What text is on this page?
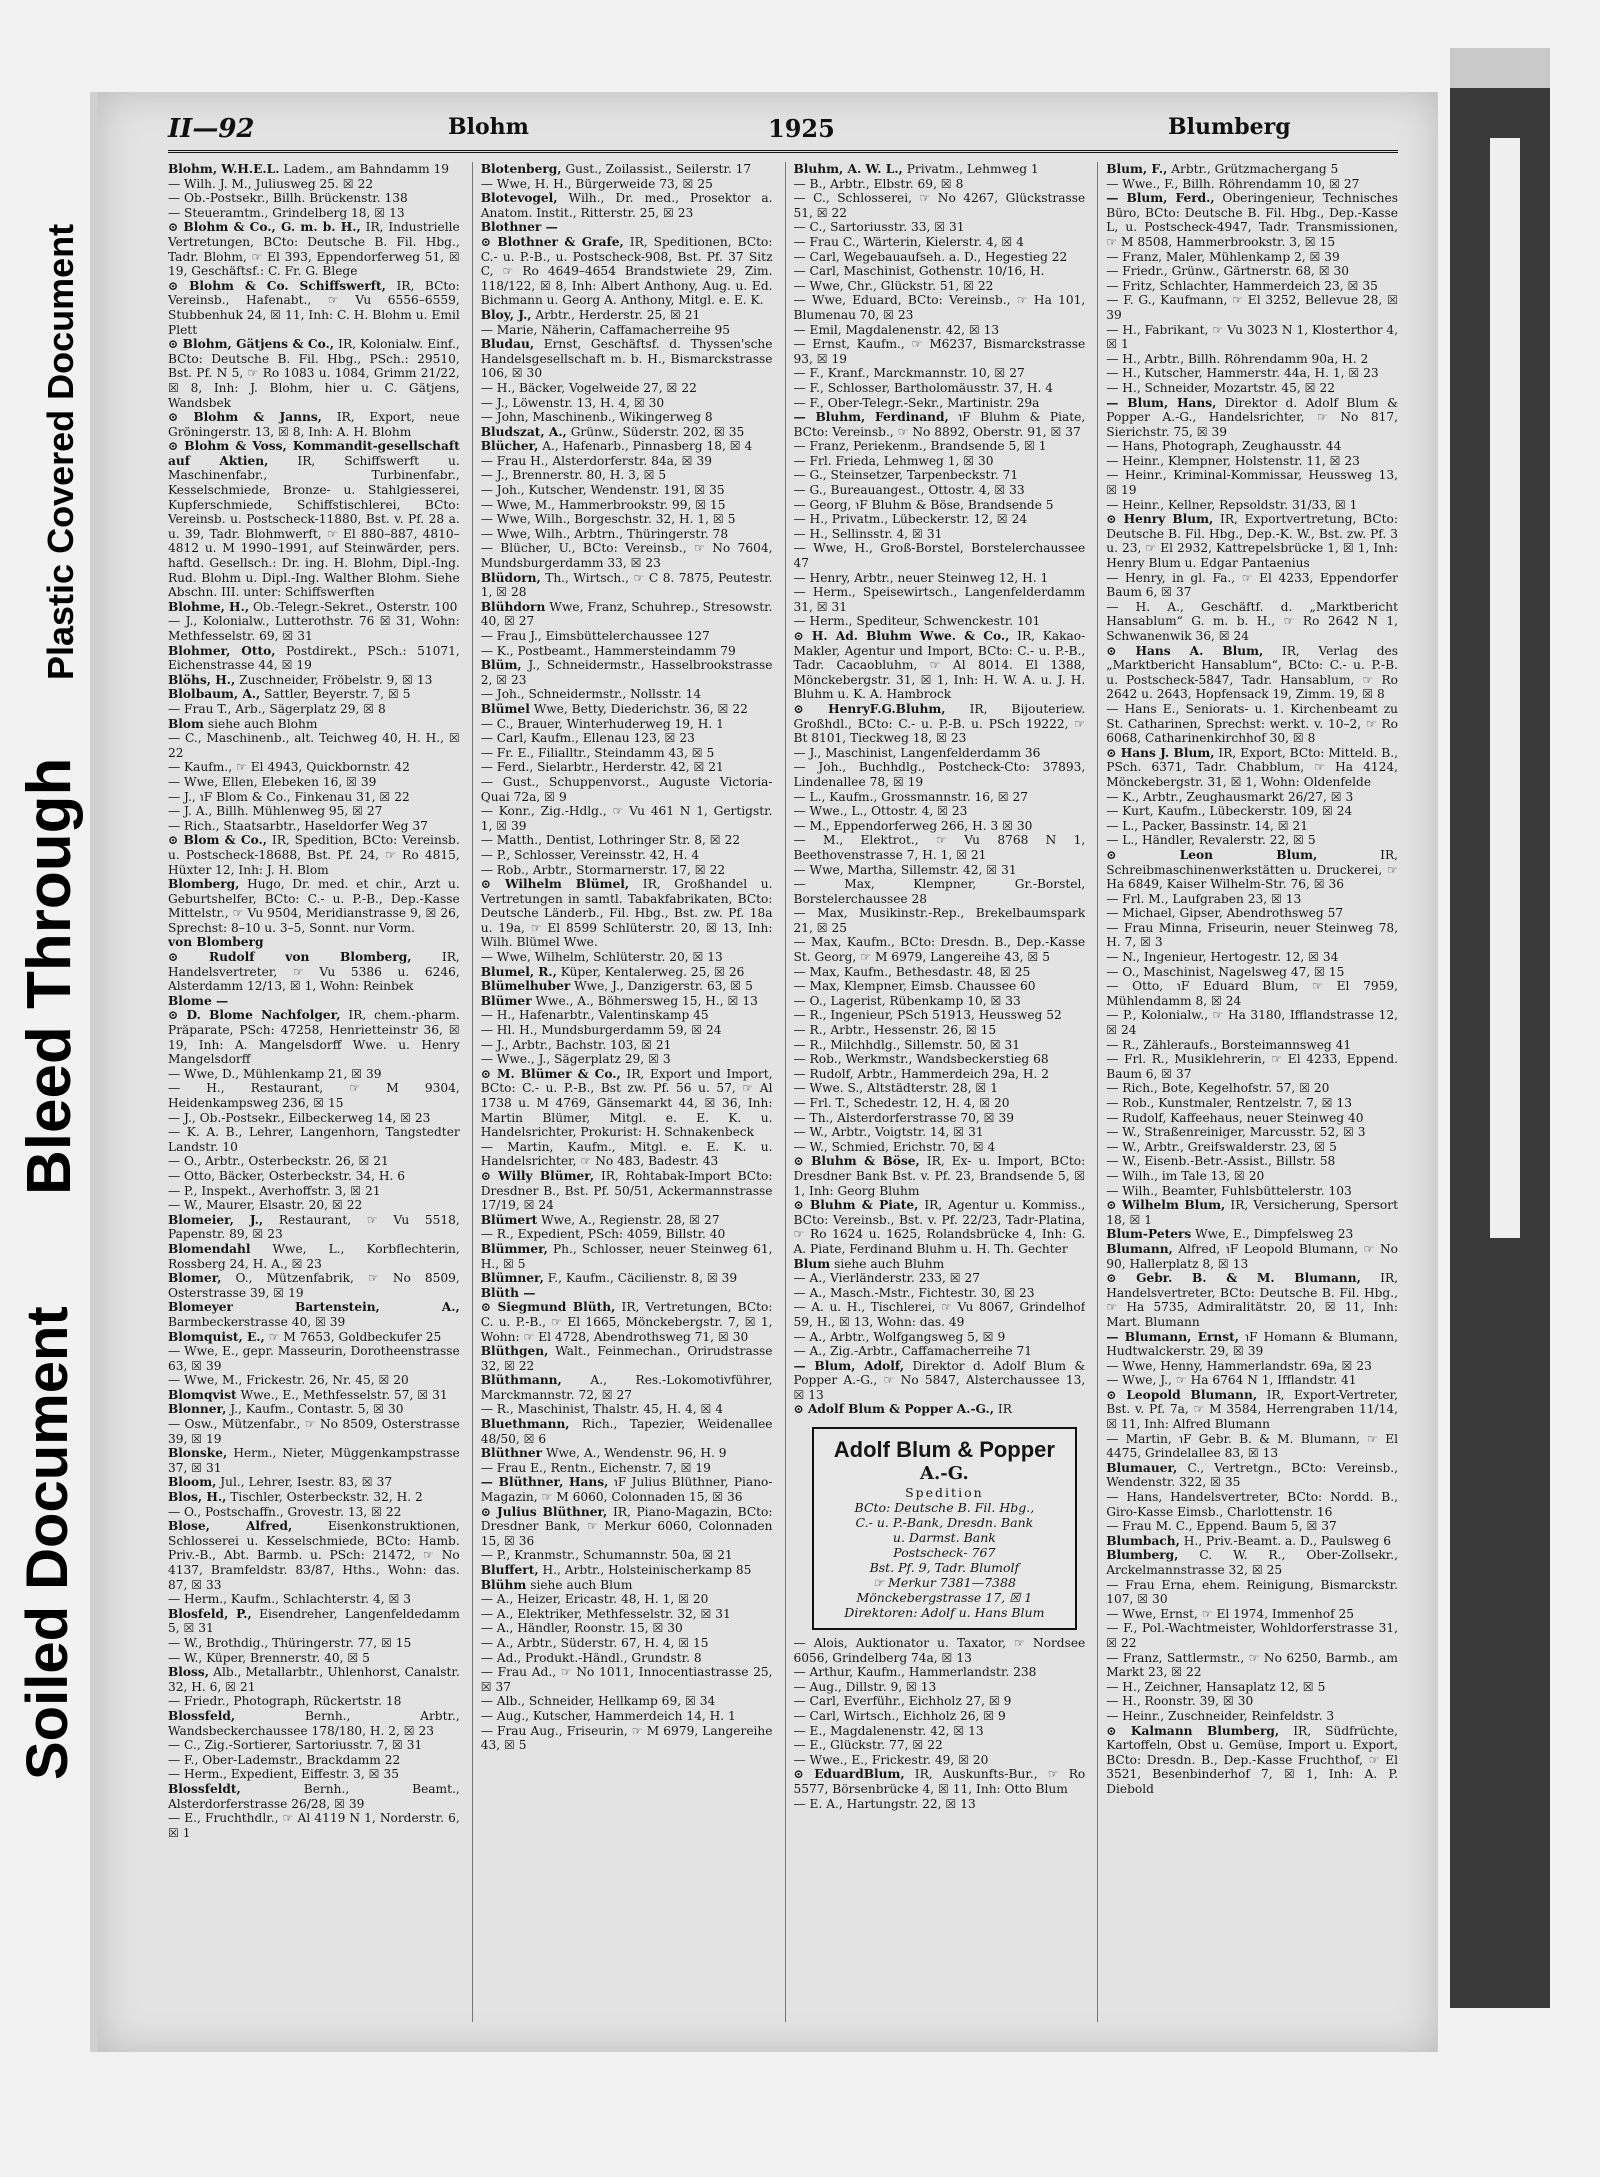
Soiled Document
Bleed Through
Plastic Covered Document
II—92	Blohm	1925	Blumberg

Blohm, W.H.E.L. Ladem., am Bahndamm 19

— Wilh. J. M., Juliusweg 25. ☒ 22

— Ob.-Postsekr., Billh. Brückenstr. 138

— Steueramtm., Grindelberg 18, ☒ 13

⊙ Blohm & Co., G. m. b. H., IR, Industrielle Vertretungen, BCto: Deutsche B. Fil. Hbg., Tadr. Blohm, ☞ El 393, Eppendorferweg 51, ☒ 19, Geschäftsf.: C. Fr. G. Blege

⊙ Blohm & Co. Schiffswerft, IR, BCto: Vereinsb., Hafenabt., ☞ Vu 6556–6559, Stubbenhuk 24, ☒ 11, Inh: C. H. Blohm u. Emil Plett

⊙ Blohm, Gätjens & Co., IR, Kolonialw. Einf., BCto: Deutsche B. Fil. Hbg., PSch.: 29510, Bst. Pf. N 5, ☞ Ro 1083 u. 1084, Grimm 21/22, ☒ 8, Inh: J. Blohm, hier u. C. Gätjens, Wandsbek

⊙ Blohm & Janns, IR, Export, neue Gröningerstr. 13, ☒ 8, Inh: A. H. Blohm

⊙ Blohm & Voss, Kommandit-gesellschaft auf Aktien, IR, Schiffswerft u. Maschinenfabr., Turbinenfabr., Kesselschmiede, Bronze- u. Stahlgiesserei, Kupferschmiede, Schiffstischlerei, BCto: Vereinsb. u. Postscheck-11880, Bst. v. Pf. 28 a. u. 39, Tadr. Blohmwerft, ☞ El 880–887, 4810–4812 u. M 1990–1991, auf Steinwärder, pers. haftd. Gesellsch.: Dr. ing. H. Blohm, Dipl.-Ing. Rud. Blohm u. Dipl.-Ing. Walther Blohm. Siehe Abschn. III. unter: Schiffswerften

Blohme, H., Ob.-Telegr.-Sekret., Osterstr. 100

— J., Kolonialw., Lutterothstr. 76 ☒ 31, Wohn: Methfesselstr. 69, ☒ 31

Blohmer, Otto, Postdirekt., PSch.: 51071, Eichenstrasse 44, ☒ 19

Blöhs, H., Zuschneider, Fröbelstr. 9, ☒ 13

Blolbaum, A., Sattler, Beyerstr. 7, ☒ 5

— Frau T., Arb., Sägerplatz 29, ☒ 8

Blom siehe auch Blohm

— C., Maschinenb., alt. Teichweg 40, H. H., ☒ 22

— Kaufm., ☞ El 4943, Quickbornstr. 42

— Wwe, Ellen, Elebeken 16, ☒ 39

— J., ℩F Blom & Co., Finkenau 31, ☒ 22

— J. A., Billh. Mühlenweg 95, ☒ 27

— Rich., Staatsarbtr., Haseldorfer Weg 37

⊙ Blom & Co., IR, Spedition, BCto: Vereinsb. u. Postscheck-18688, Bst. Pf. 24, ☞ Ro 4815, Hüxter 12, Inh: J. H. Blom

Blomberg, Hugo, Dr. med. et chir., Arzt u. Geburtshelfer, BCto: C.- u. P.-B., Dep.-Kasse Mittelstr., ☞ Vu 9504, Meridianstrasse 9, ☒ 26, Sprechst: 8–10 u. 3–5, Sonnt. nur Vorm.

von Blomberg

⊙ Rudolf von Blomberg, IR, Handelsvertreter, ☞ Vu 5386 u. 6246, Alsterdamm 12/13, ☒ 1, Wohn: Reinbek

Blome —

⊙ D. Blome Nachfolger, IR, chem.-pharm. Präparate, PSch: 47258, Henrietteinstr 36, ☒ 19, Inh: A. Mangelsdorff Wwe. u. Henry Mangelsdorff

— Wwe, D., Mühlenkamp 21, ☒ 39

— H., Restaurant, ☞ M 9304, Heidenkampsweg 236, ☒ 15

— J., Ob.-Postsekr., Eilbeckerweg 14, ☒ 23

— K. A. B., Lehrer, Langenhorn, Tangstedter Landstr. 10

— O., Arbtr., Osterbeckstr. 26, ☒ 21

— Otto, Bäcker, Osterbeckstr. 34, H. 6

— P., Inspekt., Averhoffstr. 3, ☒ 21

— W., Maurer, Elsastr. 20, ☒ 22

Blomeier, J., Restaurant, ☞ Vu 5518, Papenstr. 89, ☒ 23

Blomendahl Wwe, L., Korbflechterin, Rossberg 24, H. A., ☒ 23

Blomer, O., Mützenfabrik, ☞ No 8509, Osterstrasse 39, ☒ 19

Blomeyer Bartenstein, A., Barmbeckerstrasse 40, ☒ 39

Blomquist, E., ☞ M 7653, Goldbeckufer 25

— Wwe, E., gepr. Masseurin, Dorotheenstrasse 63, ☒ 39

— Wwe, M., Frickestr. 26, Nr. 45, ☒ 20

Blomqvist Wwe., E., Methfesselstr. 57, ☒ 31

Blonner, J., Kaufm., Contastr. 5, ☒ 30

— Osw., Mützenfabr., ☞ No 8509, Osterstrasse 39, ☒ 19

Blonske, Herm., Nieter, Müggenkampstrasse 37, ☒ 31

Bloom, Jul., Lehrer, Isestr. 83, ☒ 37

Blos, H., Tischler, Osterbeckstr. 32, H. 2

— O., Postschaffn., Grovestr. 13, ☒ 22

Blose, Alfred,	Eisenkonstruktionen, Schlosserei u. Kesselschmiede, BCto: Hamb. Priv.-B., Abt. Barmb. u. PSch: 21472, ☞ No 4137, Bramfeldstr. 83/87, Hths., Wohn: das. 87, ☒ 33

— Herm., Kaufm., Schlachterstr. 4, ☒ 3

Blosfeld, P., Eisendreher, Langenfeldedamm 5, ☒ 31

— W., Brothdig., Thüringerstr. 77, ☒ 15

— W., Küper, Brennerstr. 40, ☒ 5

Bloss, Alb., Metallarbtr., Uhlenhorst, Canalstr. 32, H. 6, ☒ 21

— Friedr., Photograph, Rückertstr. 18

Blossfeld,	Bernh., Arbtr., Wandsbeckerchaussee 178/180, H. 2, ☒ 23

— C., Zig.-Sortierer, Sartoriusstr. 7, ☒ 31

— F., Ober-Lademstr., Brackdamm 22

— Herm., Expedient, Eiffestr. 3, ☒ 35

Blossfeldt,	Bernh., Beamt., Alsterdorferstrasse 26/28, ☒ 39

— E., Fruchthdlr., ☞ Al 4119 N 1, Norderstr. 6, ☒ 1

Blotenberg, Gust., Zoilassist., Seilerstr. 17

— Wwe, H. H., Bürgerweide 73, ☒ 25

Blotevogel, Wilh., Dr. med., Prosektor a. Anatom. Instit., Ritterstr. 25, ☒ 23

Blothner —

⊙ Blothner & Grafe, IR, Speditionen, BCto: C.- u. P.-B., u. Postscheck-908, Bst. Pf. 37 Sitz C, ☞ Ro 4649–4654 Brandstwiete 29, Zim. 118/122, ☒ 8, Inh: Albert Anthony, Aug. u. Ed. Bichmann u. Georg A. Anthony, Mitgl. e. E. K.

Bloy, J., Arbtr., Herderstr. 25, ☒ 21

— Marie, Näherin, Caffamacherreihe 95

Bludau, Ernst, Geschäftsf. d. Thyssen'sche Handelsgesellschaft m. b. H., Bismarckstrasse 106, ☒ 30

— H., Bäcker, Vogelweide 27, ☒ 22

— J., Löwenstr. 13, H. 4, ☒ 30

— John, Maschinenb., Wikingerweg 8

Bludszat, A., Grünw., Süderstr. 202, ☒ 35

Blücher, A., Hafenarb., Pinnasberg 18, ☒ 4

— Frau H., Alsterdorferstr. 84a, ☒ 39

— J., Brennerstr. 80, H. 3, ☒ 5

— Joh., Kutscher, Wendenstr. 191, ☒ 35

— Wwe, M., Hammerbrookstr. 99, ☒ 15

— Wwe, Wilh., Borgeschstr. 32, H. 1, ☒ 5

— Wwe, Wilh., Arbtrn., Thüringerstr. 78

— Blücher, U., BCto: Vereinsb., ☞ No 7604, Mundsburgerdamm 33, ☒ 23

Blüdorn, Th., Wirtsch., ☞ C 8. 7875, Peutestr. 1, ☒ 28

Blühdorn Wwe, Franz, Schuhrep., Stresowstr. 40, ☒ 27

— Frau J., Eimsbüttelerchaussee 127

— K., Postbeamt., Hammersteindamm 79

Blüm, J., Schneidermstr., Hasselbrookstrasse 2, ☒ 23

— Joh., Schneidermstr., Nollsstr. 14

Blümel Wwe, Betty, Diederichstr. 36, ☒ 22

— C., Brauer, Winterhuderweg 19, H. 1

— Carl, Kaufm., Ellenau 123, ☒ 23

— Fr. E., Filialltr., Steindamm 43, ☒ 5

— Ferd., Sielarbtr., Herderstr. 42, ☒ 21

— Gust., Schuppenvorst., Auguste Victoria-Quai 72a, ☒ 9

— Konr., Zig.-Hdlg., ☞ Vu 461 N 1, Gertigstr. 1, ☒ 39

— Matth., Dentist, Lothringer Str. 8, ☒ 22

— P., Schlosser, Vereinsstr. 42, H. 4

— Rob., Arbtr., Stormarnerstr. 17, ☒ 22

⊙ Wilhelm Blümel, IR, Großhandel u. Vertretungen in samtl. Tabakfabrikaten, BCto: Deutsche Länderb., Fil. Hbg., Bst. zw. Pf. 18a u. 19a, ☞ El 8599 Schlüterstr. 20, ☒ 13, Inh: Wilh. Blümel Wwe.

— Wwe, Wilhelm, Schlüterstr. 20, ☒ 13

Blumel, R., Küper, Kentalerweg. 25, ☒ 26

Blümelhuber Wwe, J., Danzigerstr. 63, ☒ 5

Blümer Wwe., A., Böhmersweg 15, H., ☒ 13

— H., Hafenarbtr., Valentinskamp 45

— Hl. H., Mundsburgerdamm 59, ☒ 24

— J., Arbtr., Bachstr. 103, ☒ 21

— Wwe., J., Sägerplatz 29, ☒ 3

⊙ M. Blümer & Co., IR, Export und Import, BCto: C.- u. P.-B., Bst zw. Pf. 56 u. 57, ☞ Al 1738 u. M 4769, Gänsemarkt 44, ☒ 36, Inh: Martin Blümer, Mitgl. e. E. K. u. Handelsrichter, Prokurist: H. Schnakenbeck

— Martin, Kaufm., Mitgl. e. E. K. u. Handelsrichter, ☞ No 483, Badestr. 43

⊙ Willy Blümer, IR, Rohtabak-Import BCto: Dresdner B., Bst. Pf. 50/51, Ackermannstrasse 17/19, ☒ 24

Blümert Wwe, A., Regienstr. 28, ☒ 27

— R., Expedient, PSch: 4059, Billstr. 40

Blümmer, Ph., Schlosser, neuer Steinweg 61, H., ☒ 5

Blümner, F., Kaufm., Cäcilienstr. 8, ☒ 39

Blüth —

⊙ Siegmund Blüth, IR, Vertretungen, BCto: C. u. P.-B., ☞ El 1665, Mönckebergstr. 7, ☒ 1, Wohn: ☞ El 4728, Abendrothsweg 71, ☒ 30

Blüthgen, Walt., Feinmechan., Orirudstrasse 32, ☒ 22

Blüthmann, A., Res.-Lokomotivführer, Marckmannstr. 72, ☒ 27

— R., Maschinist, Thalstr. 45, H. 4, ☒ 4

Bluethmann, Rich., Tapezier, Weidenallee 48/50, ☒ 6

Blüthner Wwe, A., Wendenstr. 96, H. 9

— Frau E., Rentn., Eichenstr. 7, ☒ 19

— Blüthner, Hans, ℩F Julius Blüthner, Piano-Magazin, ☞ M 6060, Colonnaden 15, ☒ 36

⊙ Julius Blüthner, IR, Piano-Magazin, BCto: Dresdner Bank, ☞ Merkur 6060, Colonnaden 15, ☒ 36

— P., Kranmstr., Schumannstr. 50a, ☒ 21

Bluffert, H., Arbtr., Holsteinischerkamp 85

Blühm siehe auch Blum

— A., Heizer, Ericastr. 48, H. 1, ☒ 20

— A., Elektriker, Methfesselstr. 32, ☒ 31

— A., Händler, Roonstr. 15, ☒ 30

— A., Arbtr., Süderstr. 67, H. 4, ☒ 15

— Ad., Produkt.-Händl., Grundstr. 8

— Frau Ad., ☞ No 1011, Innocentiastrasse 25, ☒ 37

— Alb., Schneider, Hellkamp 69, ☒ 34

— Aug., Kutscher, Hammerdeich 14, H. 1

— Frau Aug., Friseurin, ☞ M 6979, Langereihe 43, ☒ 5

Bluhm, A. W. L., Privatm., Lehmweg 1

— B., Arbtr., Elbstr. 69, ☒ 8

— C., Schlosserei, ☞ No 4267, Glückstrasse 51, ☒ 22

— C., Sartoriusstr. 33, ☒ 31

— Frau C., Wärterin, Kielerstr. 4, ☒ 4

— Carl, Wegebauaufseh. a. D., Hegestieg 22

— Carl, Maschinist, Gothenstr. 10/16, H.

— Wwe, Chr., Glückstr. 51, ☒ 22

— Wwe, Eduard, BCto: Vereinsb., ☞ Ha 101, Blumenau 70, ☒ 23

— Emil, Magdalenenstr. 42, ☒ 13

— Ernst, Kaufm., ☞ M6237, Bismarckstrasse 93, ☒ 19

— F., Kranf., Marckmannstr. 10, ☒ 27

— F., Schlosser, Bartholomäusstr. 37, H. 4

— F., Ober-Telegr.-Sekr., Martinistr. 29a

— Bluhm, Ferdinand, ℩F Bluhm & Piate, BCto: Vereinsb., ☞ No 8892, Oberstr. 91, ☒ 37

— Franz, Periekenm., Brandsende 5, ☒ 1

— Frl. Frieda, Lehmweg 1, ☒ 30

— G., Steinsetzer, Tarpenbeckstr. 71

— G., Bureauangest., Ottostr. 4, ☒ 33

— Georg, ℩F Bluhm & Böse, Brandsende 5

— H., Privatm., Lübeckerstr. 12, ☒ 24

— H., Sellinsstr. 4, ☒ 31

— Wwe, H., Groß-Borstel, Borstelerchaussee 47

— Henry, Arbtr., neuer Steinweg 12, H. 1

— Herm., Speisewirtsch., Langenfelderdamm 31, ☒ 31

— Herm., Spediteur, Schwenckestr. 101

⊙ H. Ad. Bluhm Wwe. & Co., IR, Kakao-Makler, Agentur und Import, BCto: C.- u. P.-B., Tadr. Cacaobluhm, ☞ Al 8014. El 1388, Mönckebergstr. 31, ☒ 1, Inh: H. W. A. u. J. H. Bluhm u. K. A. Hambrock

⊙ HenryF.G.Bluhm, IR, Bijouteriew. Großhdl., BCto: C.- u. P.-B. u. PSch 19222, ☞ Bt 8101, Tieckweg 18, ☒ 23

— J., Maschinist, Langenfelderdamm 36

— Joh., Buchhdlg., Postcheck-Cto: 37893, Lindenallee 78, ☒ 19

— L., Kaufm., Grossmannstr. 16, ☒ 27

— Wwe., L., Ottostr. 4, ☒ 23

— M., Eppendorferweg 266, H. 3 ☒ 30

— M., Elektrot., ☞ Vu 8768 N 1, Beethovenstrasse 7, H. 1, ☒ 21

— Wwe, Martha, Sillemstr. 42, ☒ 31

— Max, Klempner, Gr.-Borstel, Borstelerchaussee 28

— Max, Musikinstr.-Rep., Brekelbaumspark 21, ☒ 25

— Max, Kaufm., BCto: Dresdn. B., Dep.-Kasse St. Georg, ☞ M 6979, Langereihe 43, ☒ 5

— Max, Kaufm., Bethesdastr. 48, ☒ 25

— Max, Klempner, Eimsb. Chaussee 60

— O., Lagerist, Rübenkamp 10, ☒ 33

— R., Ingenieur, PSch 51913, Heussweg 52

— R., Arbtr., Hessenstr. 26, ☒ 15

— R., Milchhdlg., Sillemstr. 50, ☒ 31

— Rob., Werkmstr., Wandsbeckerstieg 68

— Rudolf, Arbtr., Hammerdeich 29a, H. 2

— Wwe. S., Altstädterstr. 28, ☒ 1

— Frl. T., Schedestr. 12, H. 4, ☒ 20

— Th., Alsterdorferstrasse 70, ☒ 39

— W., Arbtr., Voigtstr. 14, ☒ 31

— W., Schmied, Erichstr. 70, ☒ 4

⊙ Bluhm & Böse, IR, Ex- u. Import, BCto: Dresdner Bank Bst. v. Pf. 23, Brandsende 5, ☒ 1, Inh: Georg Bluhm

⊙ Bluhm & Piate, IR, Agentur u. Kommiss., BCto: Vereinsb., Bst. v. Pf. 22/23, Tadr-Platina, ☞ Ro 1624 u. 1625, Rolandsbrücke 4, Inh: G. A. Piate, Ferdinand Bluhm u. H. Th. Gechter

Blum siehe auch Bluhm

— A., Vierländerstr. 233, ☒ 27

— A., Masch.-Mstr., Fichtestr. 30, ☒ 23

— A. u. H., Tischlerei, ☞ Vu 8067, Grindelhof 59, H., ☒ 13, Wohn: das. 49

— A., Arbtr., Wolfgangsweg 5, ☒ 9

— A., Zig.-Arbtr., Caffamacherreihe 71

— Blum, Adolf, Direktor d. Adolf Blum & Popper A.-G., ☞ No 5847, Alsterchaussee 13, ☒ 13

⊙ Adolf Blum & Popper A.-G., IR

Adolf Blum & Popper
A.-G.
Spedition
BCto: Deutsche B. Fil. Hbg.,
C.- u. P.-Bank, Dresdn. Bank
u. Darmst. Bank
Postscheck- 767
Bst. Pf. 9, Tadr. Blumolf
☞ Merkur 7381—7388
Mönckebergstrasse 17, ☒ 1
Direktoren: Adolf u. Hans Blum

— Alois, Auktionator u. Taxator, ☞ Nordsee 6056, Grindelberg 74a, ☒ 13

— Arthur, Kaufm., Hammerlandstr. 238

— Aug., Dillstr. 9, ☒ 13

— Carl, Everführ., Eichholz 27, ☒ 9

— Carl, Wirtsch., Eichholz 26, ☒ 9

— E., Magdalenenstr. 42, ☒ 13

— E., Glückstr. 77, ☒ 22

— Wwe., E., Frickestr. 49, ☒ 20

⊙ EduardBlum, IR, Auskunfts-Bur., ☞ Ro 5577, Börsenbrücke 4, ☒ 11, Inh: Otto Blum

— E. A., Hartungstr. 22, ☒ 13

Blum, F., Arbtr., Grützmachergang 5

— Wwe., F., Billh. Röhrendamm 10, ☒ 27

— Blum, Ferd., Oberingenieur, Technisches Büro, BCto: Deutsche B. Fil. Hbg., Dep.-Kasse L, u. Postscheck-4947, Tadr. Transmissionen, ☞ M 8508, Hammerbrookstr. 3, ☒ 15

— Franz, Maler, Mühlenkamp 2, ☒ 39

— Friedr., Grünw., Gärtnerstr. 68, ☒ 30

— Fritz, Schlachter, Hammerdeich 23, ☒ 35

— F. G., Kaufmann, ☞ El 3252, Bellevue 28, ☒ 39

— H., Fabrikant, ☞ Vu 3023 N 1, Klosterthor 4, ☒ 1

— H., Arbtr., Billh. Röhrendamm 90a, H. 2

— H., Kutscher, Hammerstr. 44a, H. 1, ☒ 23

— H., Schneider, Mozartstr. 45, ☒ 22

— Blum, Hans, Direktor d. Adolf Blum & Popper A.-G., Handelsrichter, ☞ No 817, Sierichstr. 75, ☒ 39

— Hans, Photograph, Zeughausstr. 44

— Heinr., Klempner, Holstenstr. 11, ☒ 23

— Heinr., Kriminal-Kommissar, Heussweg 13, ☒ 19

— Heinr., Kellner, Repsoldstr. 31/33, ☒ 1

⊙ Henry Blum, IR, Exportvertretung, BCto: Deutsche B. Fil. Hbg., Dep.-K. W., Bst. zw. Pf. 3 u. 23, ☞ El 2932, Kattrepelsbrücke 1, ☒ 1, Inh: Henry Blum u. Edgar Pantaenius

— Henry, in gl. Fa., ☞ El 4233, Eppendorfer Baum 6, ☒ 37

— H. A., Geschäftf. d. „Marktbericht Hansablum“ G. m. b. H., ☞ Ro 2642 N 1, Schwanenwik 36, ☒ 24

⊙ Hans A. Blum, IR, Verlag des „Marktbericht Hansablum“, BCto: C.- u. P.-B. u. Postscheck-5847, Tadr. Hansablum, ☞ Ro 2642 u. 2643, Hopfensack 19, Zimm. 19, ☒ 8

— Hans E., Seniorats- u. 1. Kirchenbeamt zu St. Catharinen, Sprechst: werkt. v. 10–2, ☞ Ro 6068, Catharinenkirchhof 30, ☒ 8

⊙ Hans J. Blum, IR, Export, BCto: Mitteld. B., PSch. 6371, Tadr. Chabblum, ☞ Ha 4124, Mönckebergstr. 31, ☒ 1, Wohn: Oldenfelde

— K., Arbtr., Zeughausmarkt 26/27, ☒ 3

— Kurt, Kaufm., Lübeckerstr. 109, ☒ 24

— L., Packer, Bassinstr. 14, ☒ 21

— L., Händler, Revalerstr. 22, ☒ 5

⊙ Leon Blum,	IR, Schreibmaschinenwerkstätten u. Druckerei, ☞ Ha 6849, Kaiser Wilhelm-Str. 76, ☒ 36

— Frl. M., Laufgraben 23, ☒ 13

— Michael, Gipser, Abendrothsweg 57

— Frau Minna, Friseurin, neuer Steinweg 78, H. 7, ☒ 3

— N., Ingenieur, Hertogestr. 12, ☒ 34

— O., Maschinist, Nagelsweg 47, ☒ 15

— Otto, ℩F Eduard Blum, ☞ El 7959, Mühlendamm 8, ☒ 24

— P., Kolonialw., ☞ Ha 3180, Ifflandstrasse 12, ☒ 24

— R., Zähleraufs., Borsteimannsweg 41

— Frl. R., Musiklehrerin, ☞ El 4233, Eppend. Baum 6, ☒ 37

— Rich., Bote, Kegelhofstr. 57, ☒ 20

— Rob., Kunstmaler, Rentzelstr. 7, ☒ 13

— Rudolf, Kaffeehaus, neuer Steinweg 40

— W., Straßenreiniger, Marcusstr. 52, ☒ 3

— W., Arbtr., Greifswalderstr. 23, ☒ 5

— W., Eisenb.-Betr.-Assist., Billstr. 58

— Wilh., im Tale 13, ☒ 20

— Wilh., Beamter, Fuhlsbüttelerstr. 103

⊙ Wilhelm Blum, IR, Versicherung, Spersort 18, ☒ 1

Blum-Peters Wwe, E., Dimpfelsweg 23

Blumann, Alfred, ℩F Leopold Blumann, ☞ No 90, Hallerplatz 8, ☒ 13

⊙ Gebr. B. & M. Blumann, IR, Handelsvertreter, BCto: Deutsche B. Fil. Hbg., ☞ Ha 5735, Admiralitätstr. 20, ☒ 11, Inh: Mart. Blumann

— Blumann, Ernst, ℩F Homann & Blumann, Hudtwalckerstr. 29, ☒ 39

— Wwe, Henny, Hammerlandstr. 69a, ☒ 23

— Wwe, J., ☞ Ha 6764 N 1, Ifflandstr. 41

⊙ Leopold Blumann, IR, Export-Vertreter, Bst. v. Pf. 7a, ☞ M 3584, Herrengraben 11/14, ☒ 11, Inh: Alfred Blumann

— Martin, ℩F Gebr. B. & M. Blumann, ☞ El 4475, Grindelallee 83, ☒ 13

Blumauer, C., Vertretgn., BCto: Vereinsb., Wendenstr. 322, ☒ 35

— Hans, Handelsvertreter, BCto: Nordd. B., Giro-Kasse Eimsb., Charlottenstr. 16

— Frau M. C., Eppend. Baum 5, ☒ 37

Blumbach, H., Priv.-Beamt. a. D., Paulsweg 6

Blumberg, C. W. R., Ober-Zollsekr., Arckelmannstrasse 32, ☒ 25

— Frau Erna, ehem. Reinigung, Bismarckstr. 107, ☒ 30

— Wwe, Ernst, ☞ El 1974, Immenhof 25

— F., Pol.-Wachtmeister, Wohldorferstrasse 31, ☒ 22

— Franz, Sattlermstr., ☞ No 6250, Barmb., am Markt 23, ☒ 22

— H., Zeichner, Hansaplatz 12, ☒ 5

— H., Roonstr. 39, ☒ 30

— Heinr., Zuschneider, Reinfeldstr. 3

⊙ Kalmann Blumberg, IR, Südfrüchte, Kartoffeln, Obst u. Gemüse, Import u. Export, BCto: Dresdn. B., Dep.-Kasse Fruchthof, ☞ El 3521, Besenbinderhof 7, ☒ 1, Inh: A. P. Diebold
